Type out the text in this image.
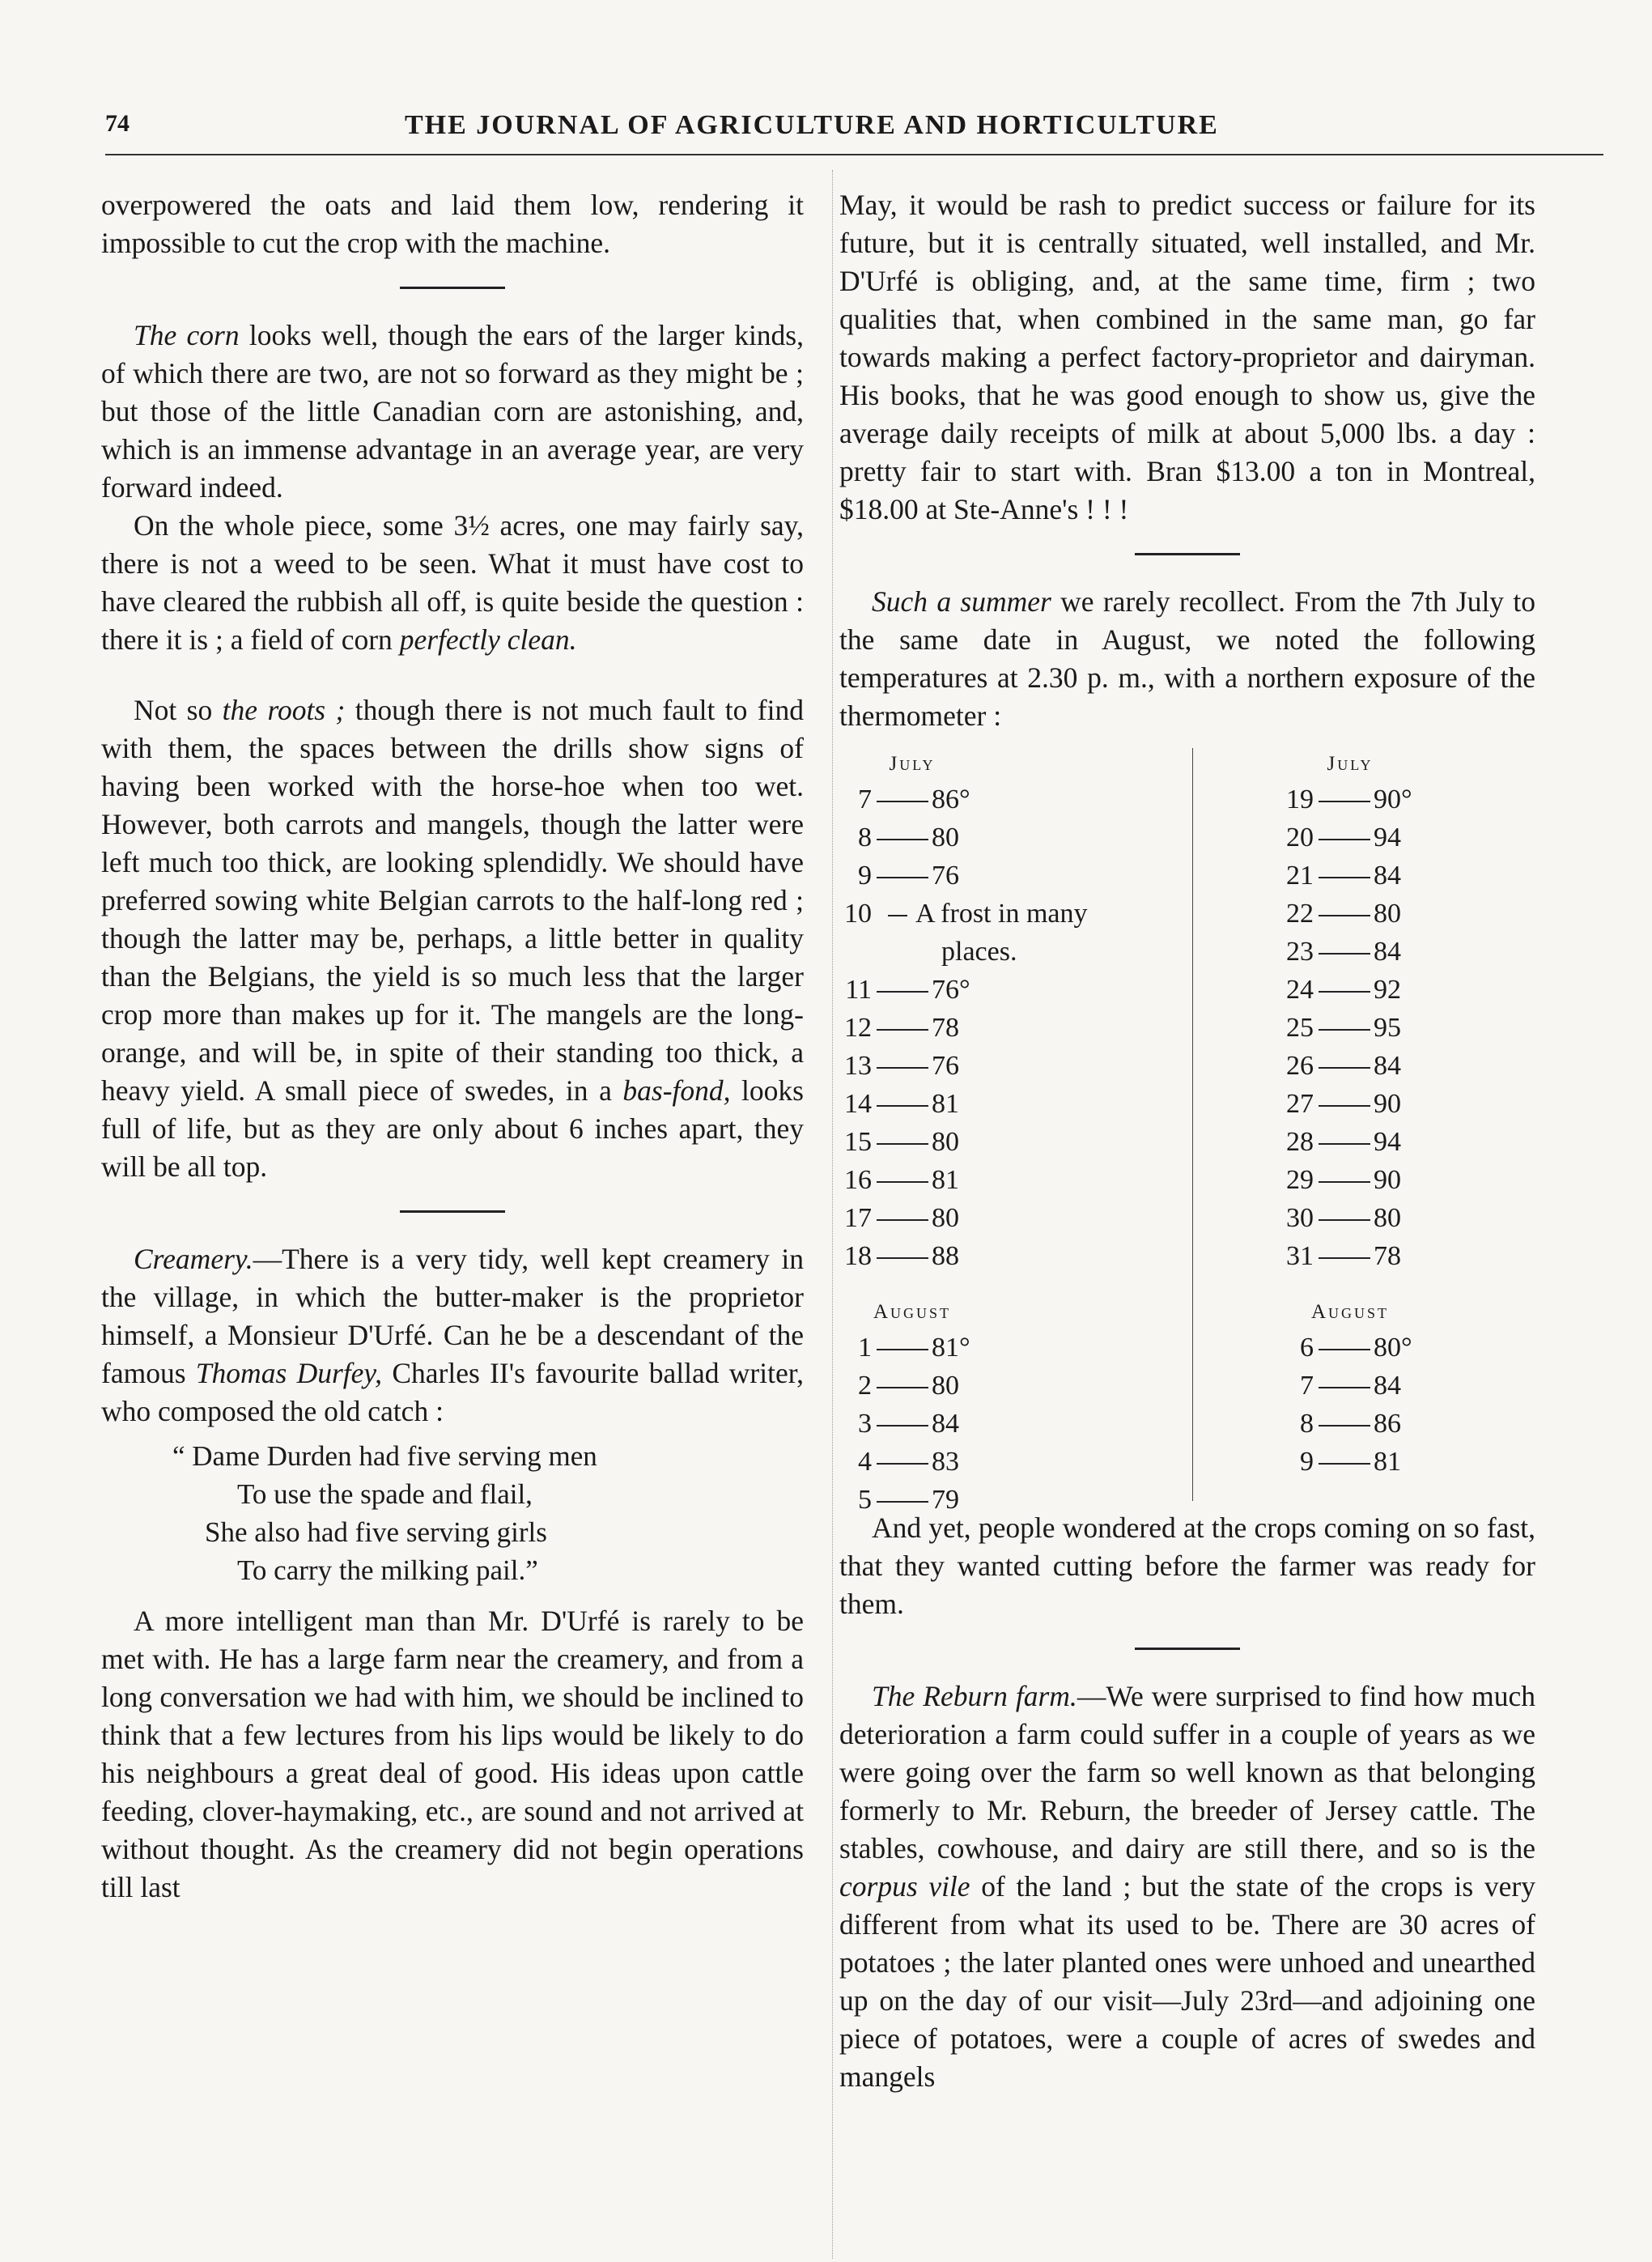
74	THE JOURNAL OF AGRICULTURE AND HORTICULTURE

overpowered the oats and laid them low, rendering it impossible to cut the crop with the machine.

The corn looks well, though the ears of the larger kinds, of which there are two, are not so forward as they might be ; but those of the little Canadian corn are astonishing, and, which is an immense advantage in an average year, are very forward indeed.

On the whole piece, some 3½ acres, one may fairly say, there is not a weed to be seen. What it must have cost to have cleared the rubbish all off, is quite beside the question : there it is ; a field of corn perfectly clean.

Not so the roots ; though there is not much fault to find with them, the spaces between the drills show signs of having been worked with the horse-hoe when too wet. However, both carrots and mangels, though the latter were left much too thick, are looking splendidly. We should have preferred sowing white Belgian carrots to the half-long red ; though the latter may be, perhaps, a little better in quality than the Belgians, the yield is so much less that the larger crop more than makes up for it. The mangels are the long-orange, and will be, in spite of their standing too thick, a heavy yield. A small piece of swedes, in a bas-fond, looks full of life, but as they are only about 6 inches apart, they will be all top.

Creamery.—There is a very tidy, well kept creamery in the village, in which the butter-maker is the proprietor himself, a Monsieur D'Urfé. Can he be a descendant of the famous Thomas Durfey, Charles II's favourite ballad writer, who composed the old catch :

“ Dame Durden had five serving men
To use the spade and flail,
She also had five serving girls
To carry the milking pail.”

A more intelligent man than Mr. D'Urfé is rarely to be met with. He has a large farm near the creamery, and from a long conversation we had with him, we should be inclined to think that a few lectures from his lips would be likely to do his neighbours a great deal of good. His ideas upon cattle feeding, clover-haymaking, etc., are sound and not arrived at without thought. As the creamery did not begin operations till last

May, it would be rash to predict success or failure for its future, but it is centrally situated, well installed, and Mr. D'Urfé is obliging, and, at the same time, firm ; two qualities that, when combined in the same man, go far towards making a perfect factory-proprietor and dairyman. His books, that he was good enough to show us, give the average daily receipts of milk at about 5,000 lbs. a day : pretty fair to start with. Bran $13.00 a ton in Montreal, $18.00 at Ste-Anne's ! ! !

Such a summer we rarely recollect. From the 7th July to the same date in August, we noted the following temperatures at 2.30 p. m., with a northern exposure of the thermometer :

July
7 86°
8 80
9 76
10 A frost in many
places.
11 76°
12 78
13 76
14 81
15 80
16 81
17 80
18 88
August
1 81°
2 80
3 84
4 83
5 79
July
19 90°
20 94
21 84
22 80
23 84
24 92
25 95
26 84
27 90
28 94
29 90
30 80
31 78
August
6 80°
7 84
8 86
9 81

And yet, people wondered at the crops coming on so fast, that they wanted cutting before the farmer was ready for them.

The Reburn farm.—We were surprised to find how much deterioration a farm could suffer in a couple of years as we were going over the farm so well known as that belonging formerly to Mr. Reburn, the breeder of Jersey cattle. The stables, cowhouse, and dairy are still there, and so is the corpus vile of the land ; but the state of the crops is very different from what its used to be. There are 30 acres of potatoes ; the later planted ones were unhoed and unearthed up on the day of our visit—July 23rd—and adjoining one piece of potatoes, were a couple of acres of swedes and mangels
